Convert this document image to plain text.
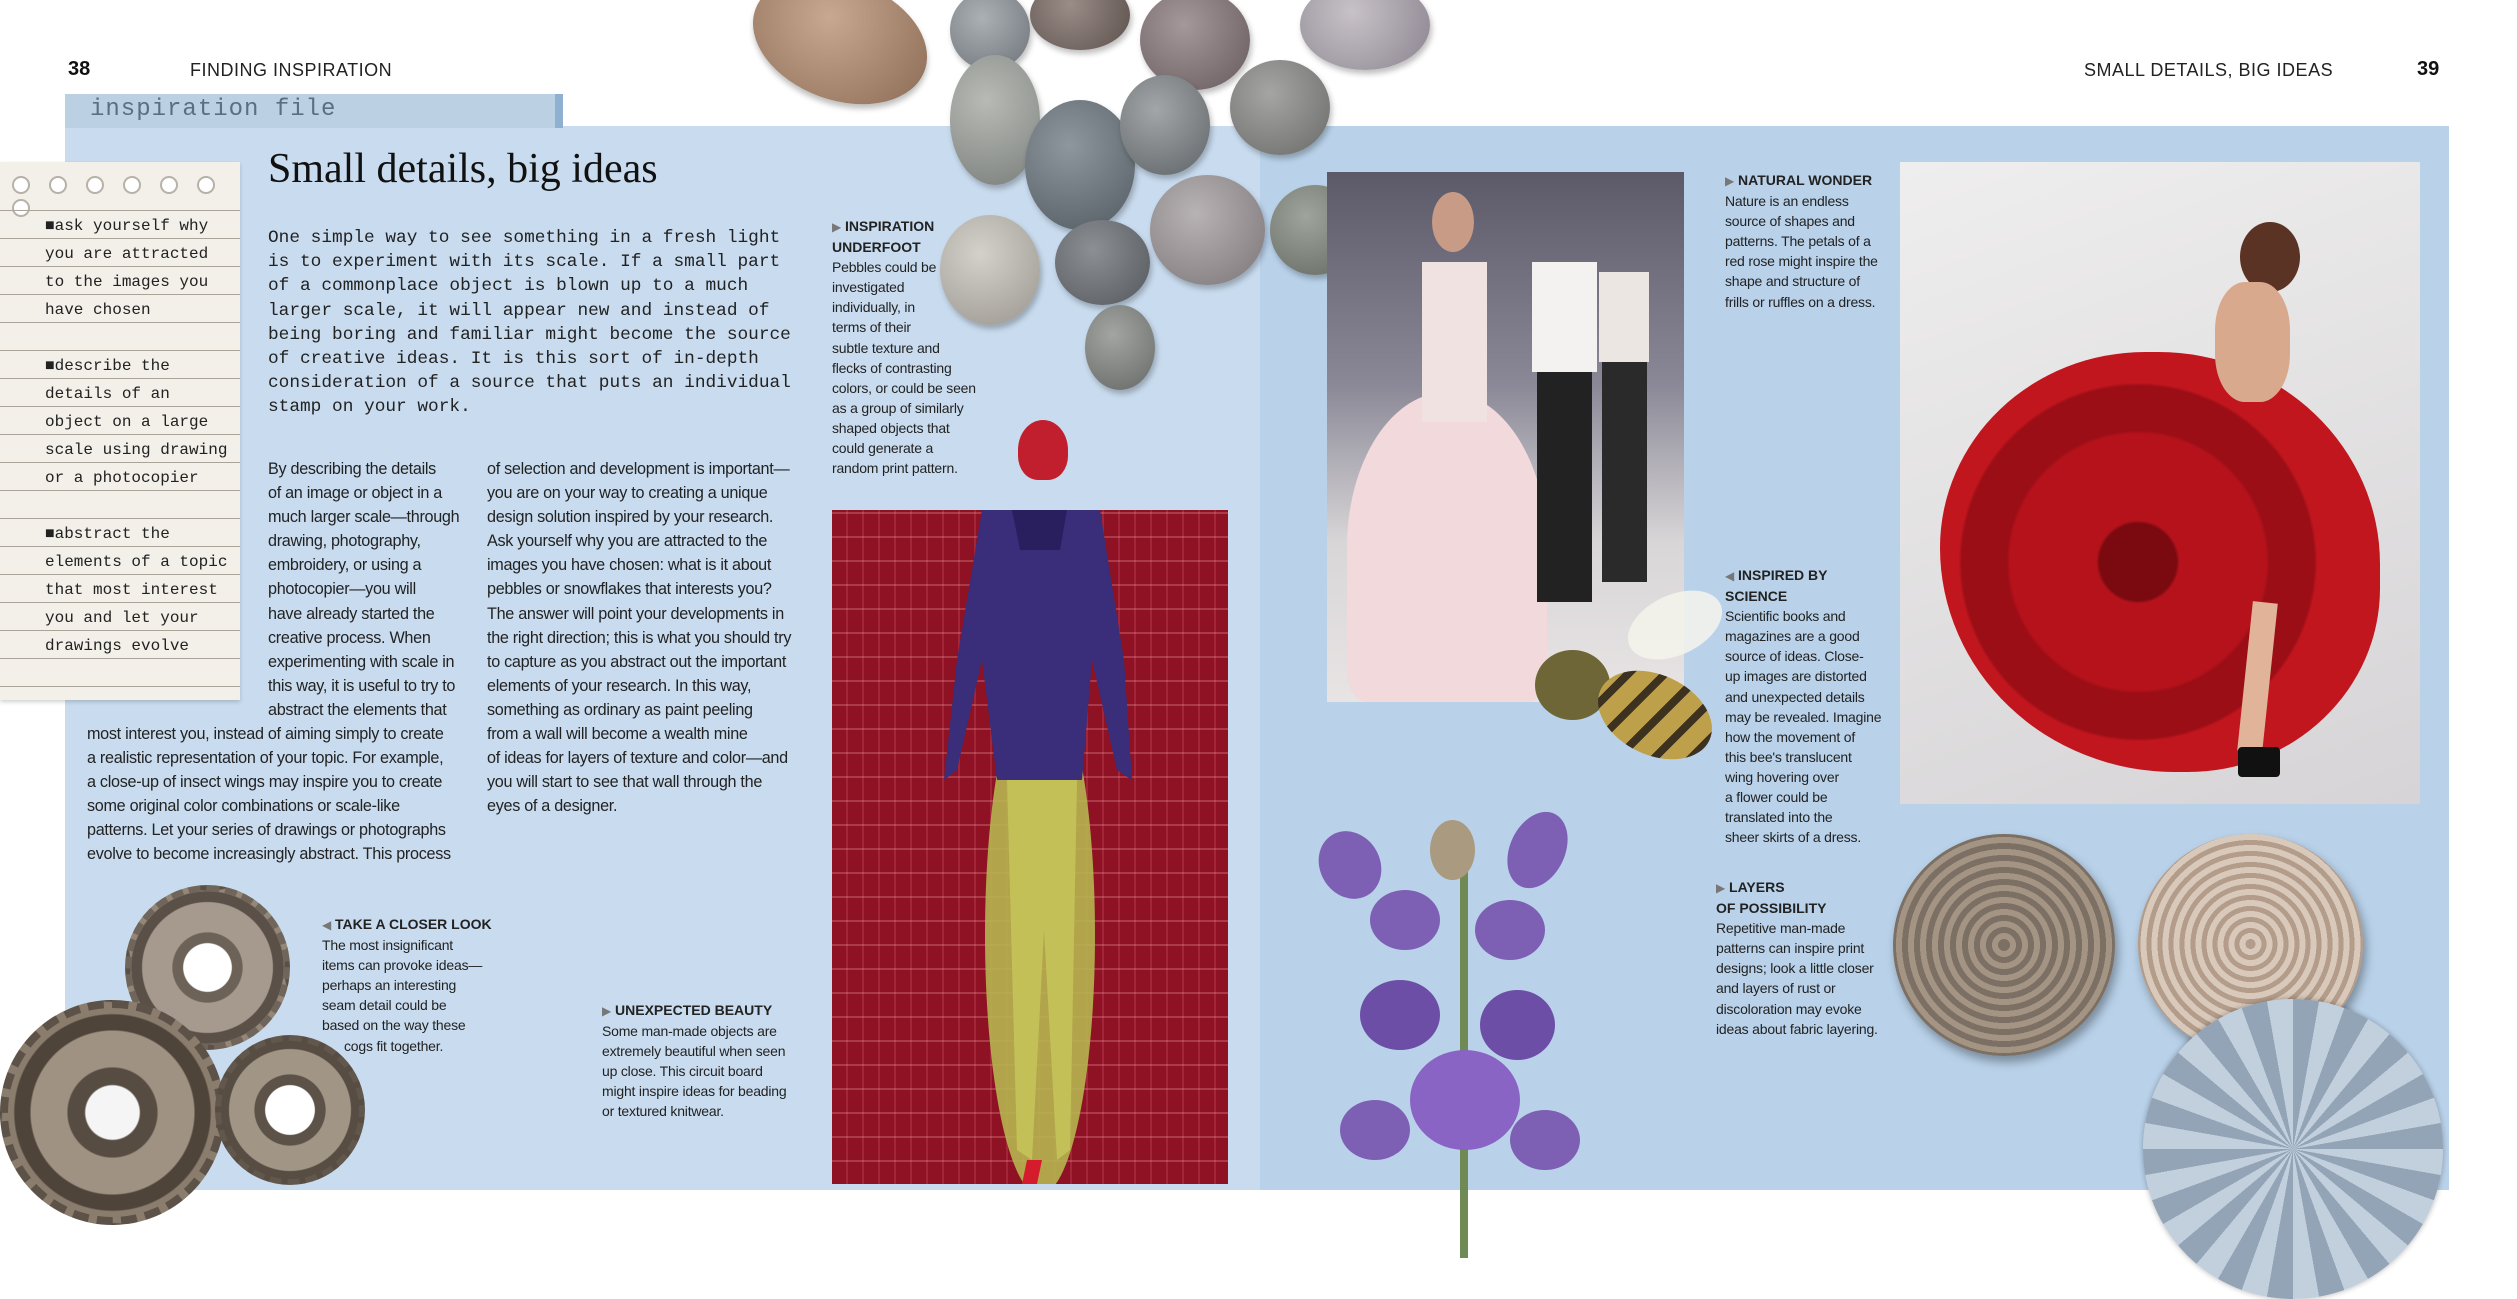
38	FINDING INSPIRATION	SMALL DETAILS, BIG IDEAS	39
inspiration file
■ask yourself why
you are attracted
to the images you
have chosen
■describe the
details of an
object on a large
scale using drawing
or a photocopier
■abstract the
elements of a topic
that most interest
you and let your
drawings evolve
Small details, big ideas
One simple way to see something in a fresh light
is to experiment with its scale. If a small part
of a commonplace object is blown up to a much
larger scale, it will appear new and instead of
being boring and familiar might become the source
of creative ideas. It is this sort of in-depth
consideration of a source that puts an individual
stamp on your work.
By describing the details
of an image or object in a
much larger scale—through
drawing, photography,
embroidery, or using a
photocopier—you will
have already started the
creative process. When
experimenting with scale in
this way, it is useful to try to
abstract the elements that
most interest you, instead of aiming simply to create
a realistic representation of your topic. For example,
a close-up of insect wings may inspire you to create
some original color combinations or scale-like
patterns. Let your series of drawings or photographs
evolve to become increasingly abstract. This process
of selection and development is important—
you are on your way to creating a unique
design solution inspired by your research.
Ask yourself why you are attracted to the
images you have chosen: what is it about
pebbles or snowflakes that interests you?
The answer will point your developments in
the right direction; this is what you should try
to capture as you abstract out the important
elements of your research. In this way,
something as ordinary as paint peeling
from a wall will become a wealth mine
of ideas for layers of texture and color—and
you will start to see that wall through the
eyes of a designer.
▶ INSPIRATION
UNDERFOOT
Pebbles could be
investigated
individually, in
terms of their
subtle texture and
flecks of contrasting
colors, or could be seen
as a group of similarly
shaped objects that
could generate a
random print pattern.
▶ UNEXPECTED BEAUTY
Some man-made objects are
extremely beautiful when seen
up close. This circuit board
might inspire ideas for beading
or textured knitwear.
◀ TAKE A CLOSER LOOK
The most insignificant
items can provoke ideas—
perhaps an interesting
seam detail could be
based on the way these
cogs fit together.
▶ NATURAL WONDER
Nature is an endless
source of shapes and
patterns. The petals of a
red rose might inspire the
shape and structure of
frills or ruffles on a dress.
◀ INSPIRED BY
SCIENCE
Scientific books and
magazines are a good
source of ideas. Close-
up images are distorted
and unexpected details
may be revealed. Imagine
how the movement of
this bee's translucent
wing hovering over
a flower could be
translated into the
sheer skirts of a dress.
▶ LAYERS
OF POSSIBILITY
Repetitive man-made
patterns can inspire print
designs; look a little closer
and layers of rust or
discoloration may evoke
ideas about fabric layering.
